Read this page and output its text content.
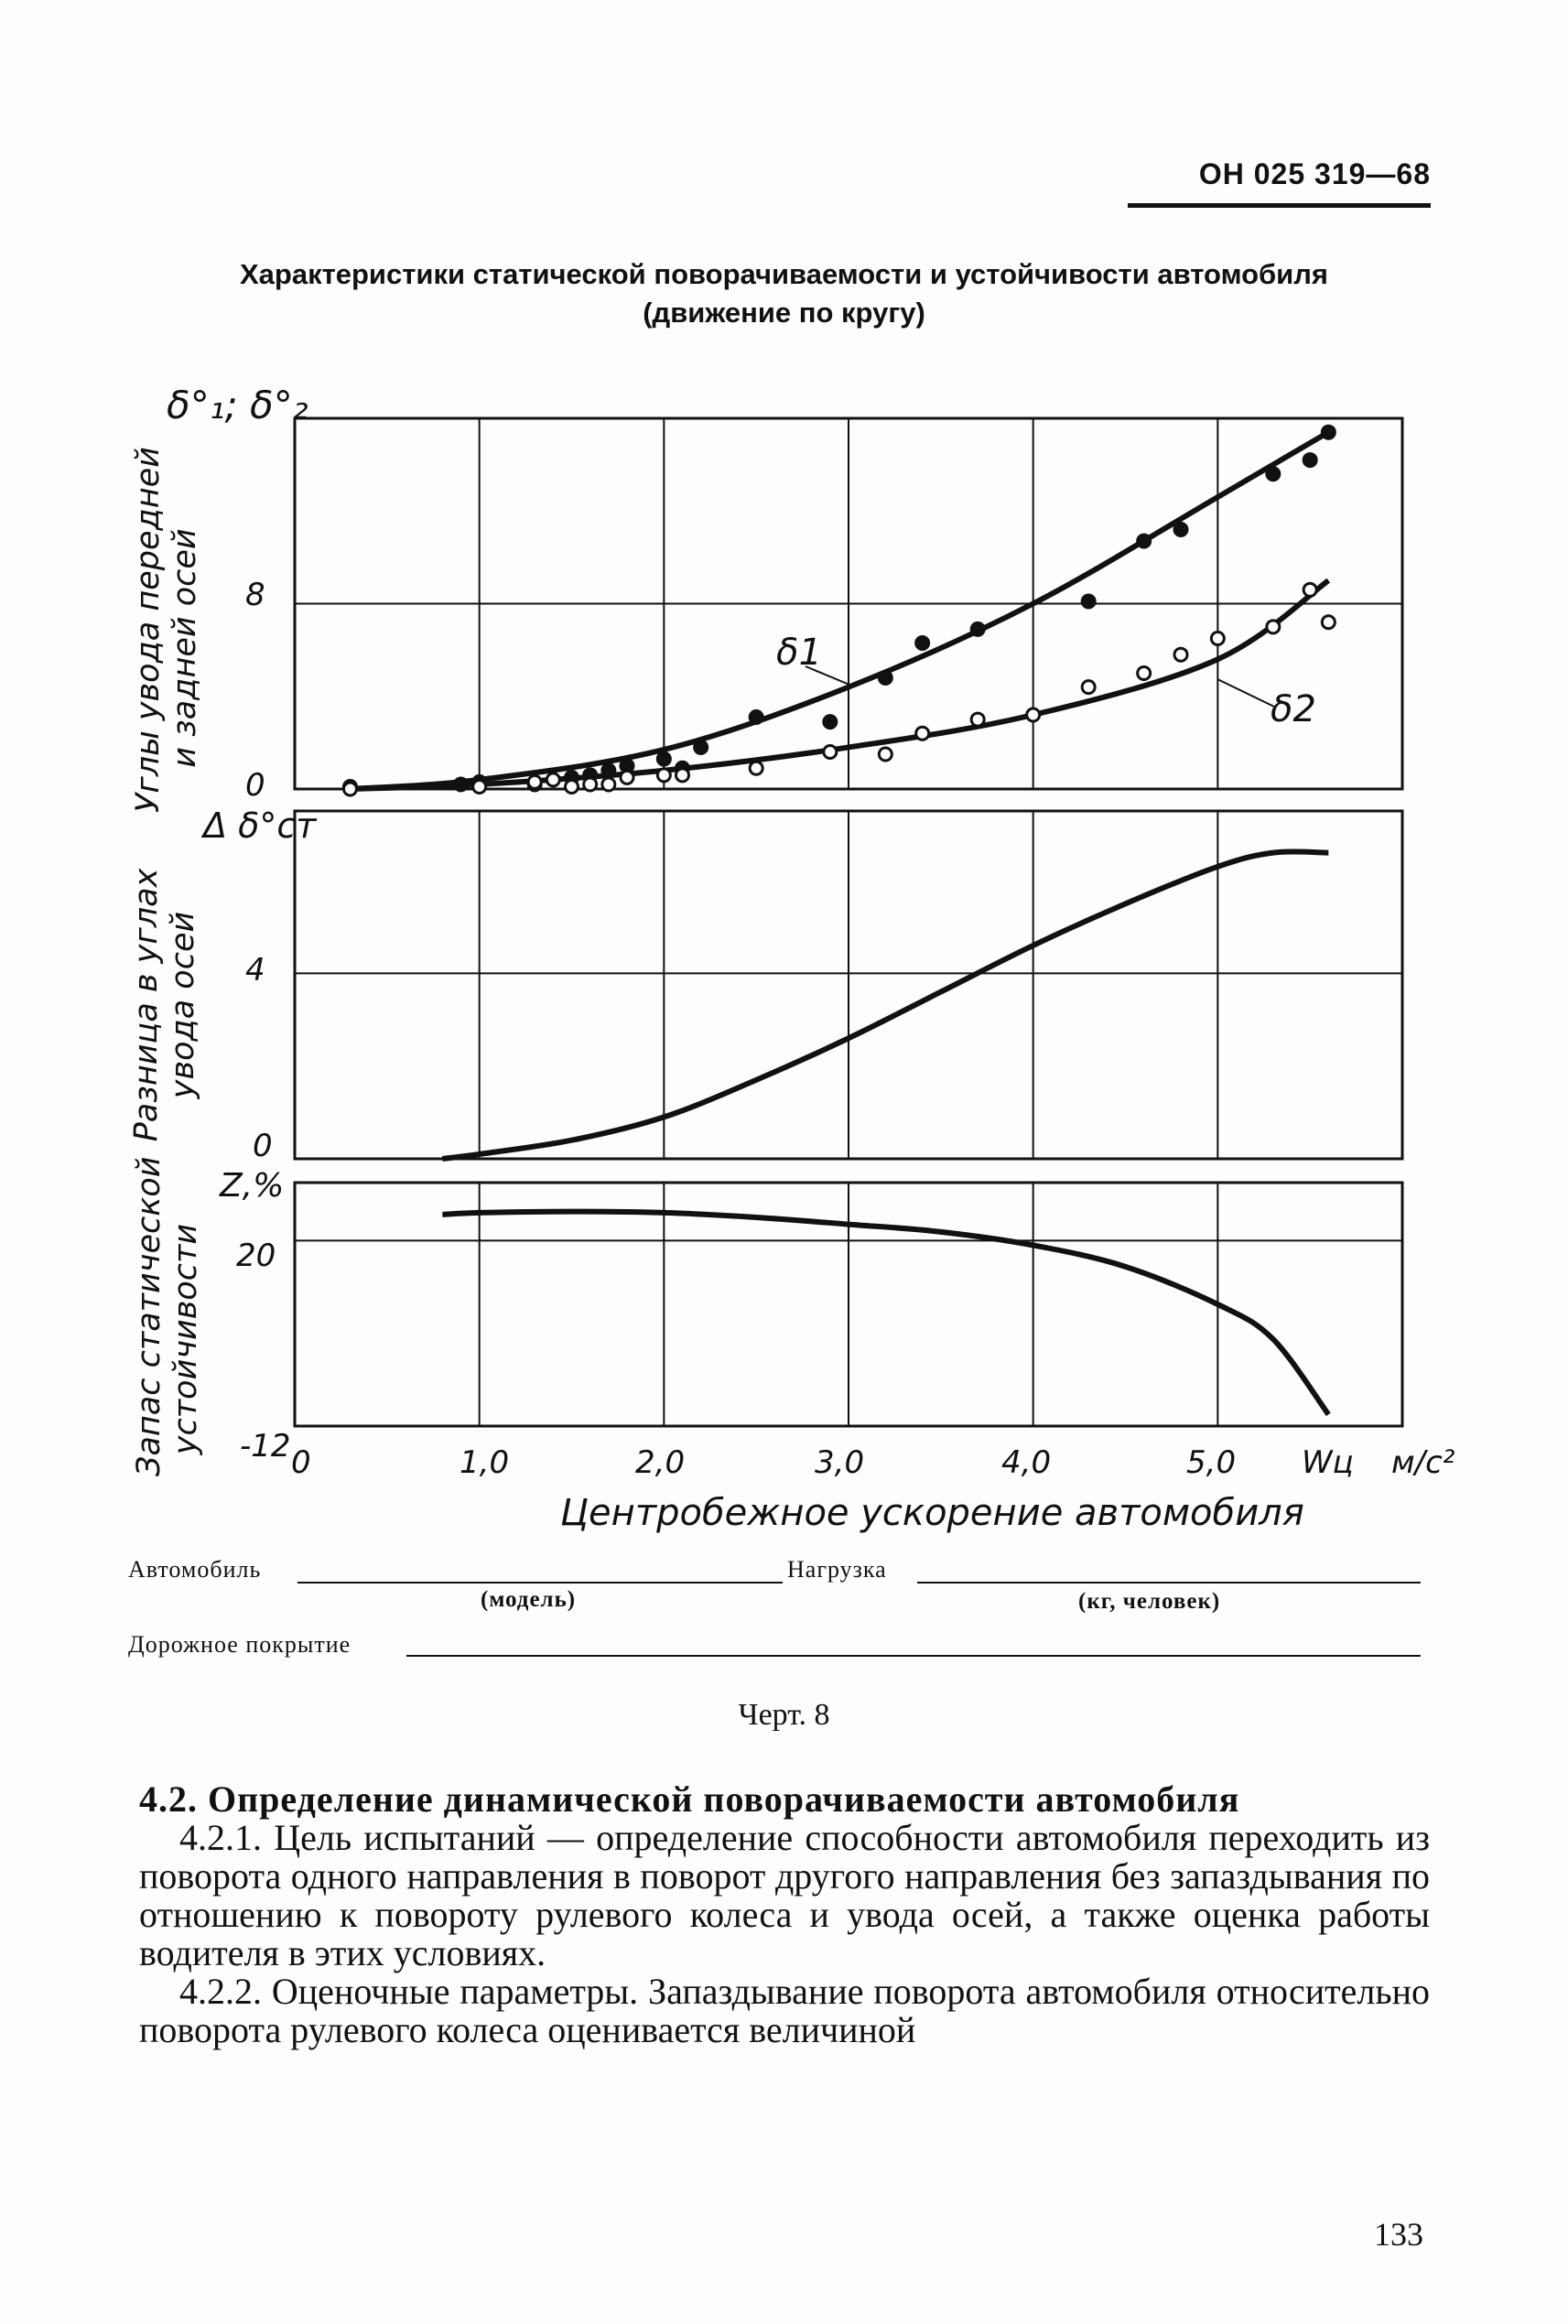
ОН 025 319—68
Характеристики статической поворачиваемости и устойчивости автомобиля
(движение по кругу)
δ°₁; δ°₂
Δ δ°ст
Z,%
Углы увода передней
и задней осей
Разница в углах
увода осей
Запас статической
устойчивости
8
0
4
0
20
-12 0	1,0	2,0	3,0	4,0	5,0 Wц м/с²
Центробежное ускорение автомобиля
δ1
δ2
Автомобиль
(модель)
Нагрузка
(кг, человек)
Дорожное покрытие
Черт. 8

4.2. Определение динамической поворачиваемости автомобиля

4.2.1. Цель испытаний — определение способности автомобиля переходить из поворота одного направления в поворот другого направления без запаздывания по отношению к повороту рулевого колеса и увода осей, а также оценка работы водителя в этих условиях.

4.2.2. Оценочные параметры. Запаздывание поворота автомобиля относительно поворота рулевого колеса оценивается величиной

133
